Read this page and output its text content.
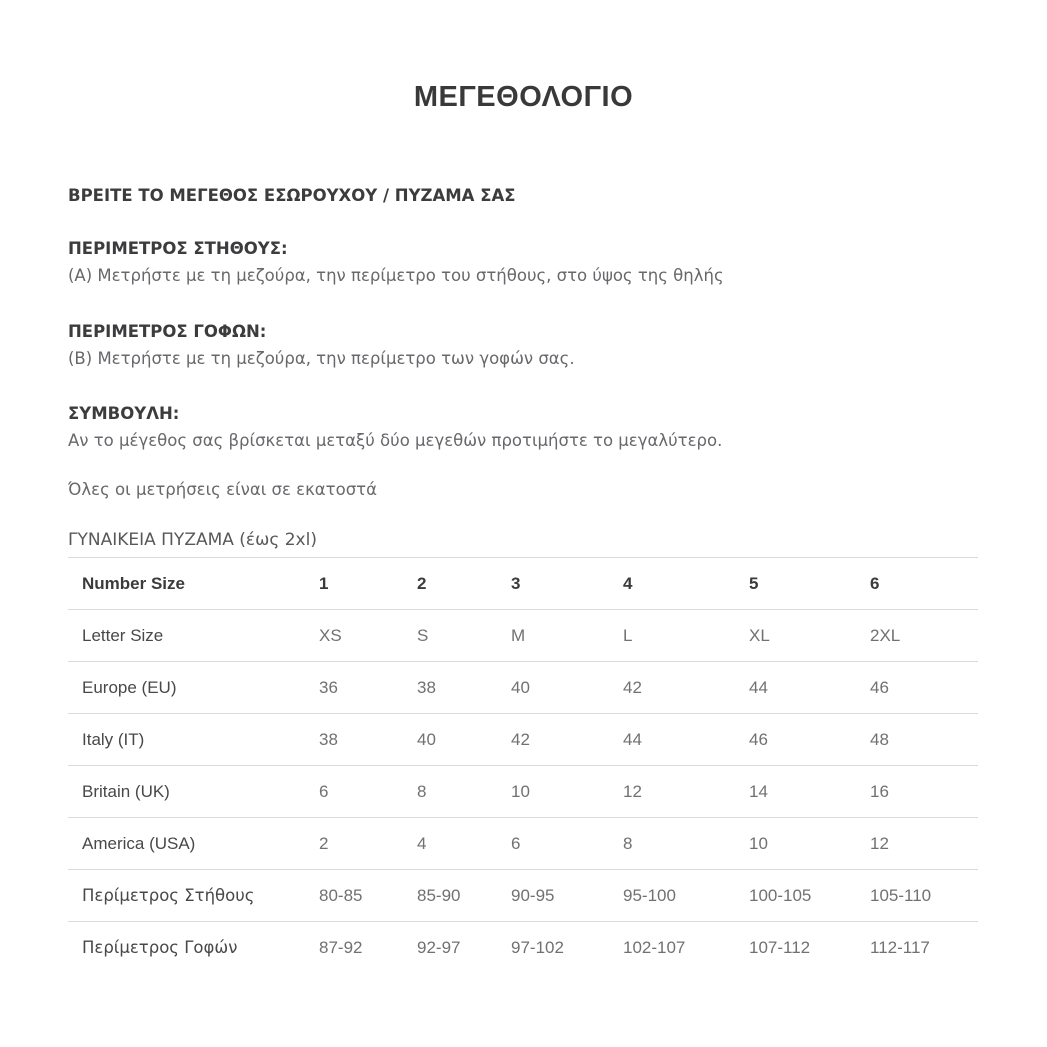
ΜΕΓΕΘΟΛΟΓΙΟ
ΒΡΕΙΤΕ ΤΟ ΜΕΓΕΘΟΣ ΕΣΩΡΟΥΧΟΥ / ΠΥΖΑΜΑ ΣΑΣ
ΠΕΡΙΜΕΤΡΟΣ ΣΤΗΘΟΥΣ:
(Α) Μετρήστε με τη μεζούρα, την περίμετρο του στήθους, στο ύψος της θηλής
ΠΕΡΙΜΕΤΡΟΣ ΓΟΦΩΝ:
(Β) Μετρήστε με τη μεζούρα, την περίμετρο των γοφών σας.
ΣΥΜΒΟΥΛΗ:
Αν το μέγεθος σας βρίσκεται μεταξύ δύο μεγεθών προτιμήστε το μεγαλύτερο.
Όλες οι μετρήσεις είναι σε εκατοστά
ΓΥΝΑΙΚΕΙΑ ΠΥΖΑΜΑ (έως 2xl)
Number Size	1	2	3	4	5	6
Letter Size	XS	S	M	L	XL	2XL
Europe (EU)	36	38	40	42	44	46
Italy (IT)	38	40	42	44	46	48
Britain (UK)	6	8	10	12	14	16
America (USA)	2	4	6	8	10	12
Περίμετρος Στήθους	80-85	85-90	90-95	95-100	100-105	105-110
Περίμετρος Γοφών	87-92	92-97	97-102	102-107	107-112	112-117
